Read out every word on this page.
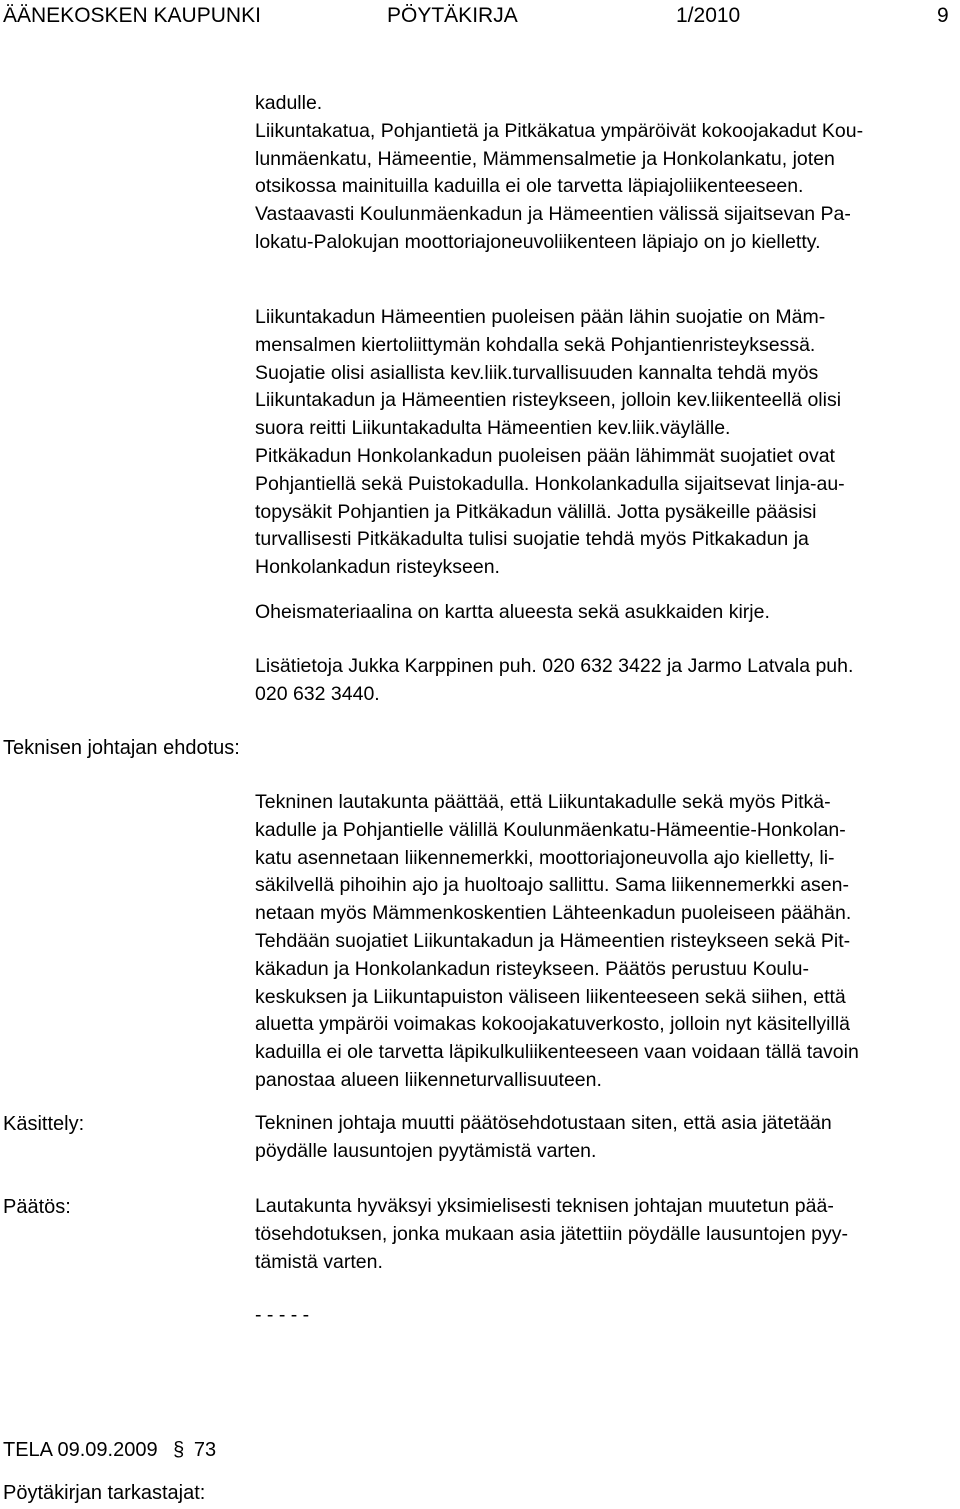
ÄÄNEKOSKEN KAUPUNKI	PÖYTÄKIRJA	1/2010	9

kadulle.
Liikuntakatua, Pohjantietä ja Pitkäkatua ympäröivät kokoojakadut Kou-
lunmäenkatu, Hämeentie, Mämmensalmetie ja Honkolankatu, joten
otsikossa mainituilla kaduilla ei ole tarvetta läpiajoliikenteeseen.
Vastaavasti Koulunmäenkadun ja Hämeentien välissä sijaitsevan Pa-
lokatu-Palokujan moottoriajoneuvoliikenteen läpiajo on jo kielletty.

Liikuntakadun Hämeentien puoleisen pään lähin suojatie on Mäm-
mensalmen kiertoliittymän kohdalla sekä Pohjantienristeyksessä.
Suojatie olisi asiallista kev.liik.turvallisuuden kannalta tehdä myös
Liikuntakadun ja Hämeentien risteykseen, jolloin kev.liikenteellä olisi
suora reitti Liikuntakadulta Hämeentien kev.liik.väylälle.
Pitkäkadun Honkolankadun puoleisen pään lähimmät suojatiet ovat
Pohjantiellä sekä Puistokadulla. Honkolankadulla sijaitsevat linja-au-
topysäkit Pohjantien ja Pitkäkadun välillä. Jotta pysäkeille pääsisi
turvallisesti Pitkäkadulta tulisi suojatie tehdä myös Pitkakadun ja
Honkolankadun risteykseen.

Oheismateriaalina on kartta alueesta sekä asukkaiden kirje.

Lisätietoja Jukka Karppinen puh. 020 632 3422 ja Jarmo Latvala puh.
020 632 3440.

Teknisen johtajan ehdotus:

Tekninen lautakunta päättää, että Liikuntakadulle sekä myös Pitkä-
kadulle ja Pohjantielle välillä Koulunmäenkatu-Hämeentie-Honkolan-
katu asennetaan liikennemerkki, moottoriajoneuvolla ajo kielletty, li-
säkilvellä pihoihin ajo ja huoltoajo sallittu. Sama liikennemerkki asen-
netaan myös Mämmenkoskentien Lähteenkadun puoleiseen päähän.
Tehdään suojatiet Liikuntakadun ja Hämeentien risteykseen sekä Pit-
käkadun ja Honkolankadun risteykseen. Päätös perustuu Koulu-
keskuksen ja Liikuntapuiston väliseen liikenteeseen sekä siihen, että
aluetta ympäröi voimakas kokoojakatuverkosto, jolloin nyt käsitellyillä
kaduilla ei ole tarvetta läpikulkuliikenteeseen vaan voidaan tällä tavoin
panostaa alueen liikenneturvallisuuteen.

Käsittely:	Tekninen johtaja muutti päätösehdotustaan siten, että asia jätetään
pöydälle lausuntojen pyytämistä varten.

Päätös:	Lautakunta hyväksyi yksimielisesti teknisen johtajan muutetun pää-
tösehdotuksen, jonka mukaan asia jätettiin pöydälle lausuntojen pyy-
tämistä varten.

- - - - -
TELA 09.09.2009 § 73
Pöytäkirjan tarkastajat:
